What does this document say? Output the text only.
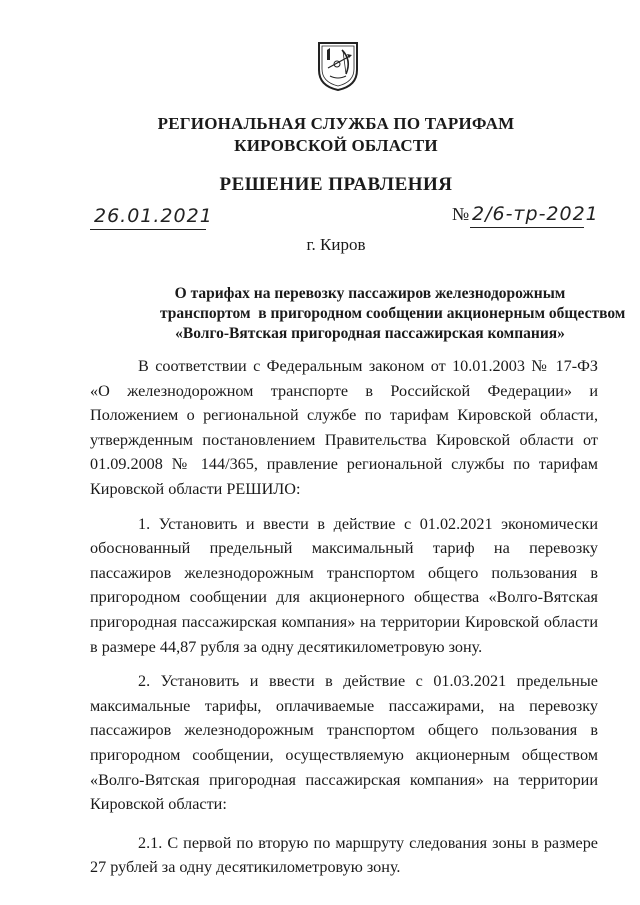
РЕГИОНАЛЬНАЯ СЛУЖБА ПО ТАРИФАМ
КИРОВСКОЙ ОБЛАСТИ
РЕШЕНИЕ ПРАВЛЕНИЯ
26.01.2021	№ 2/6-тр-2021
г. Киров
О тарифах на перевозку пассажиров железнодорожным
транспортом  в пригородном сообщении акционерным обществом
«Волго-Вятская пригородная пассажирская компания»

В соответствии с Федеральным законом от 10.01.2003 № 17-ФЗ «О железнодорожном транспорте в Российской Федерации» и Положением о региональной службе по тарифам Кировской области, утвержденным постановлением Правительства Кировской области от 01.09.2008 № 144/365, правление региональной службы по тарифам Кировской области РЕШИЛО:

1. Установить и ввести в действие с 01.02.2021 экономически обоснованный предельный максимальный тариф на перевозку пассажиров железнодорожным транспортом общего пользования в пригородном сообщении для акционерного общества «Волго-Вятская пригородная пассажирская компания» на территории Кировской области в размере 44,87 рубля за одну десятикилометровую зону.

2. Установить и ввести в действие с 01.03.2021 предельные максимальные тарифы, оплачиваемые пассажирами, на перевозку пассажиров железнодорожным транспортом общего пользования в пригородном сообщении, осуществляемую акционерным обществом «Волго-Вятская пригородная пассажирская компания» на территории Кировской области:

2.1. С первой по вторую по маршруту следования зоны в размере 27 рублей за одну десятикилометровую зону.
